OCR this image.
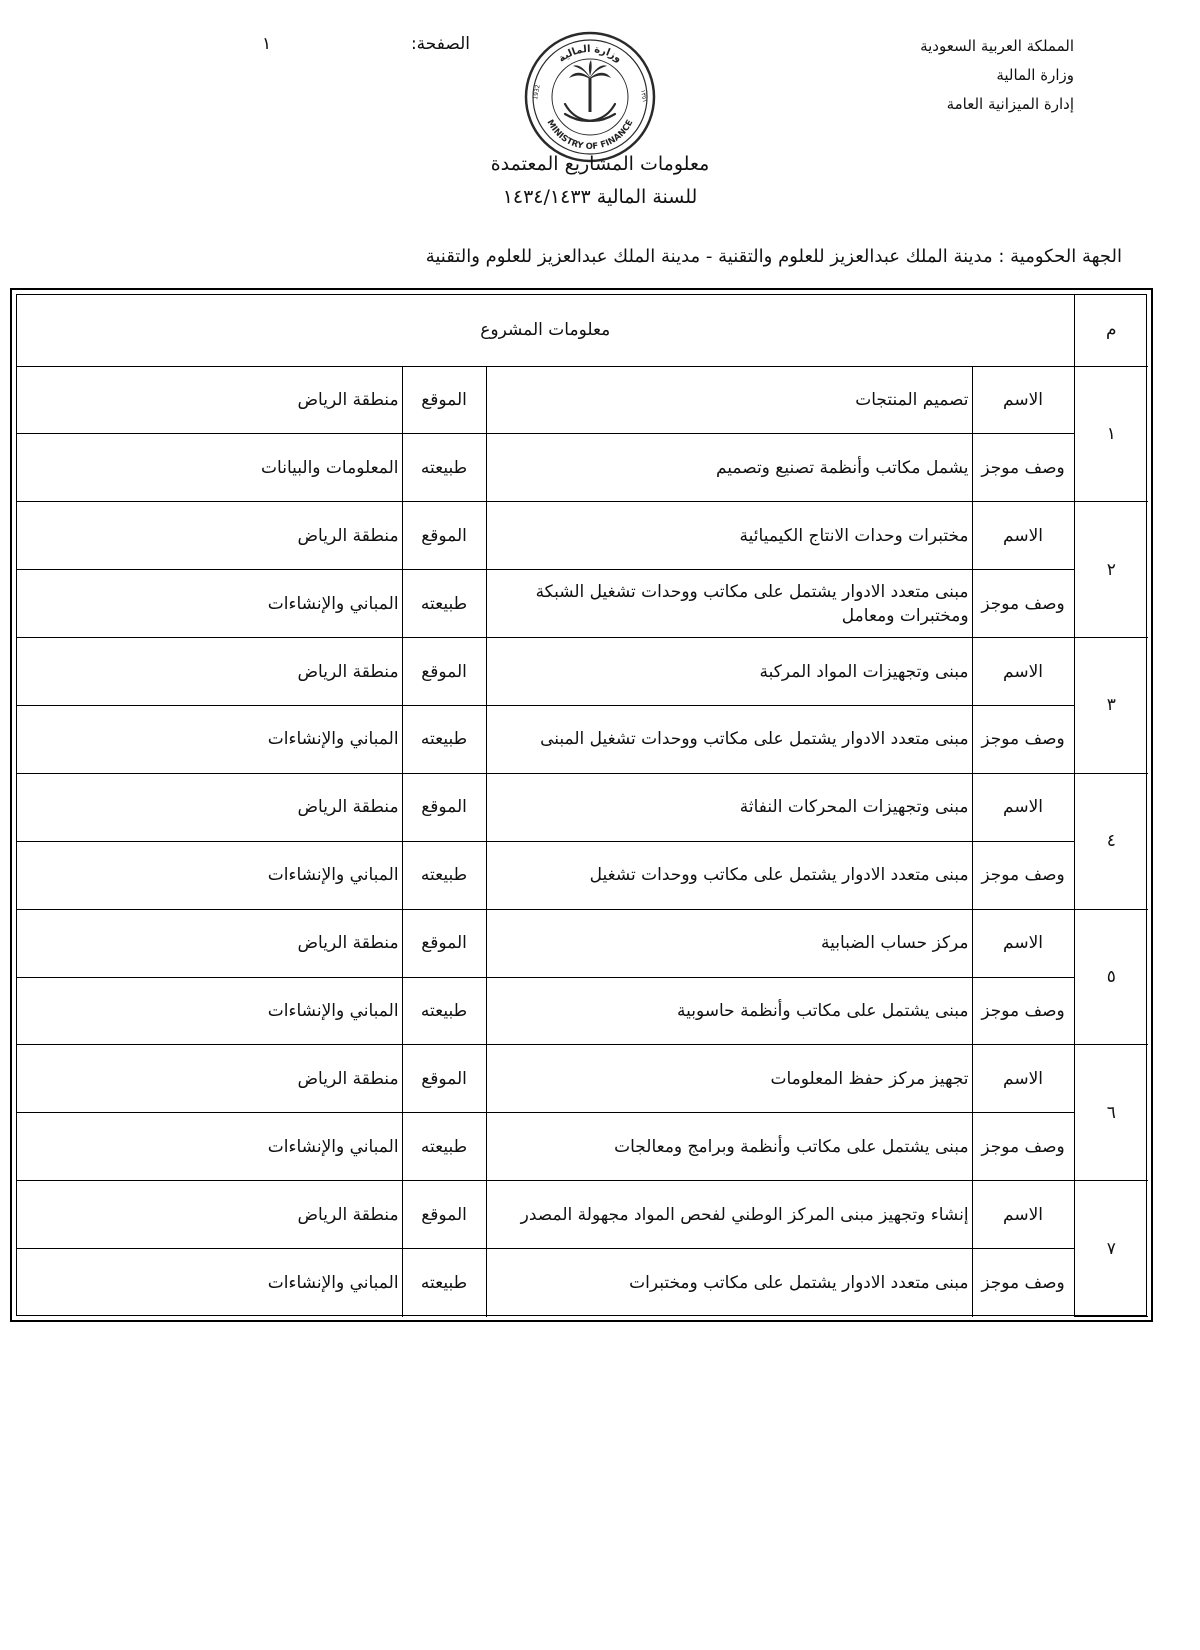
المملكة العربية السعودية
وزارة المالية
إدارة الميزانية العامة
الصفحة:
١
وزارة المالية
MINISTRY OF FINANCE
1932	١٣٥١
معلومات المشاريع المعتمدة
للسنة المالية ١٤٣٤/١٤٣٣
الجهة الحكومية : مدينة الملك عبدالعزيز للعلوم والتقنية - مدينة الملك عبدالعزيز للعلوم والتقنية
م	معلومات المشروع			
١	الاسم	تصميم المنتجات	الموقع	منطقة الرياض
	وصف موجز	يشمل مكاتب وأنظمة تصنيع وتصميم	طبيعته	المعلومات والبيانات
٢	الاسم	مختبرات وحدات الانتاج الكيميائية	الموقع	منطقة الرياض
	وصف موجز	مبنى متعدد الادوار يشتمل على مكاتب ووحدات تشغيل الشبكة ومختبرات ومعامل	طبيعته	المباني والإنشاءات
٣	الاسم	مبنى وتجهيزات المواد المركبة	الموقع	منطقة الرياض
	وصف موجز	مبنى متعدد الادوار يشتمل على مكاتب ووحدات تشغيل المبنى	طبيعته	المباني والإنشاءات
٤	الاسم	مبنى وتجهيزات المحركات النفاثة	الموقع	منطقة الرياض
	وصف موجز	مبنى متعدد الادوار يشتمل على مكاتب ووحدات تشغيل	طبيعته	المباني والإنشاءات
٥	الاسم	مركز حساب الضبابية	الموقع	منطقة الرياض
	وصف موجز	مبنى يشتمل على مكاتب وأنظمة حاسوبية	طبيعته	المباني والإنشاءات
٦	الاسم	تجهيز مركز حفظ المعلومات	الموقع	منطقة الرياض
	وصف موجز	مبنى يشتمل على مكاتب وأنظمة وبرامج ومعالجات	طبيعته	المباني والإنشاءات
٧	الاسم	إنشاء وتجهيز مبنى المركز الوطني لفحص المواد مجهولة المصدر	الموقع	منطقة الرياض
	وصف موجز	مبنى متعدد الادوار يشتمل على مكاتب ومختبرات	طبيعته	المباني والإنشاءات
